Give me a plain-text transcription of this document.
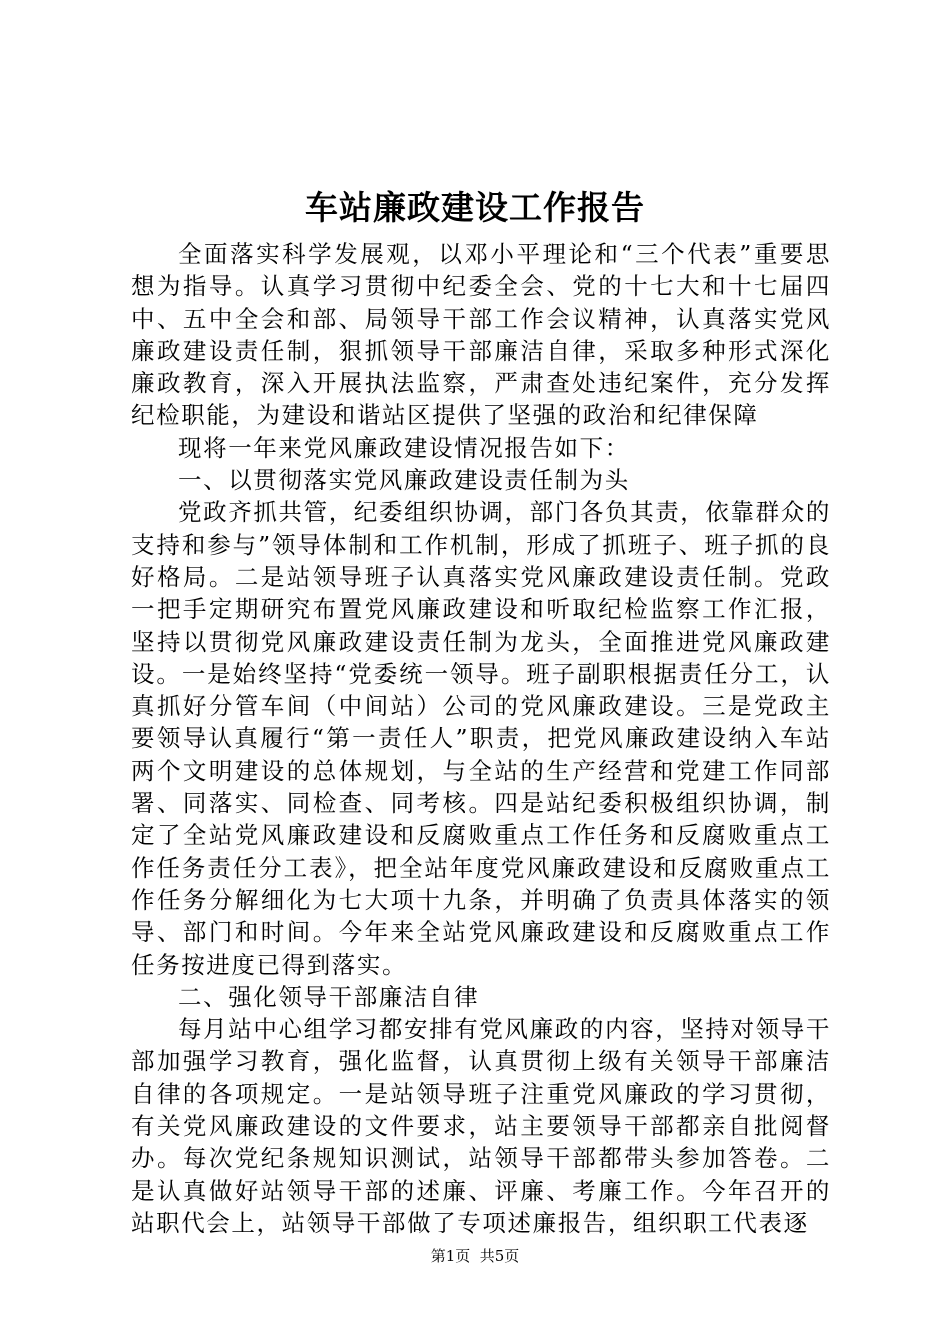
车站廉政建设工作报告

全面落实科学发展观，以邓小平理论和“三个代表”重要思想为指导。认真学习贯彻中纪委全会、党的十七大和十七届四中、五中全会和部、局领导干部工作会议精神，认真落实党风廉政建设责任制，狠抓领导干部廉洁自律，采取多种形式深化廉政教育，深入开展执法监察，严肃查处违纪案件，充分发挥纪检职能，为建设和谐站区提供了坚强的政治和纪律保障

现将一年来党风廉政建设情况报告如下：

一、以贯彻落实党风廉政建设责任制为头

党政齐抓共管，纪委组织协调，部门各负其责，依靠群众的支持和参与”领导体制和工作机制，形成了抓班子、班子抓的良好格局。二是站领导班子认真落实党风廉政建设责任制。党政一把手定期研究布置党风廉政建设和听取纪检监察工作汇报，坚持以贯彻党风廉政建设责任制为龙头，全面推进党风廉政建设。一是始终坚持“党委统一领导。班子副职根据责任分工，认真抓好分管车间（中间站）公司的党风廉政建设。三是党政主要领导认真履行“第一责任人”职责，把党风廉政建设纳入车站两个文明建设的总体规划，与全站的生产经营和党建工作同部署、同落实、同检查、同考核。四是站纪委积极组织协调，制定了全站党风廉政建设和反腐败重点工作任务和反腐败重点工作任务责任分工表》，把全站年度党风廉政建设和反腐败重点工作任务分解细化为七大项十九条，并明确了负责具体落实的领导、部门和时间。今年来全站党风廉政建设和反腐败重点工作任务按进度已得到落实。

二、强化领导干部廉洁自律

每月站中心组学习都安排有党风廉政的内容，坚持对领导干部加强学习教育，强化监督，认真贯彻上级有关领导干部廉洁自律的各项规定。一是站领导班子注重党风廉政的学习贯彻，有关党风廉政建设的文件要求，站主要领导干部都亲自批阅督办。每次党纪条规知识测试，站领导干部都带头参加答卷。二是认真做好站领导干部的述廉、评廉、考廉工作。今年召开的站职代会上，站领导干部做了专项述廉报告，组织职工代表逐

第1页  共5页
